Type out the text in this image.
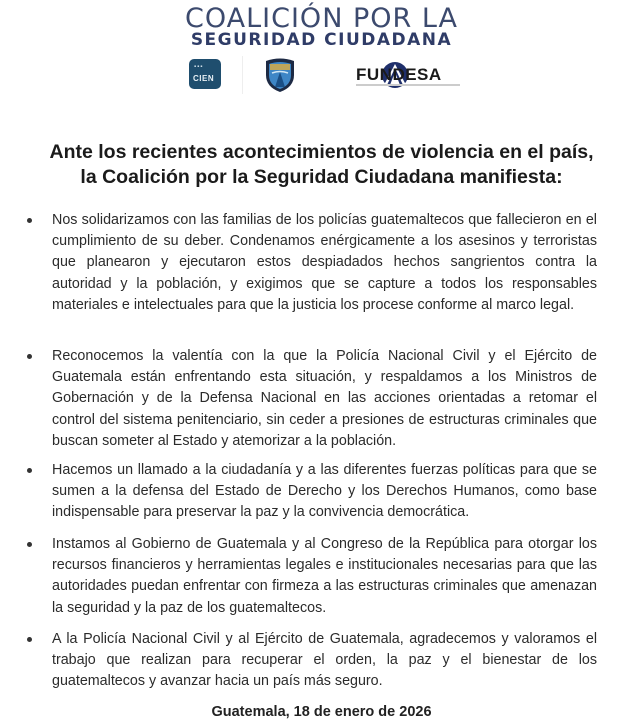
COALICIÓN POR LA
SEGURIDAD CIUDADANA
▪▪▪
CIEN	FUNDESA
Ante los recientes acontecimientos de violencia en el país,
la Coalición por la Seguridad Ciudadana manifiesta:
Nos solidarizamos con las familias de los policías guatemaltecos que fallecieron en el cumplimiento de su deber. Condenamos enérgicamente a los asesinos y terroristas que planearon y ejecutaron estos despiadados hechos sangrientos contra la autoridad y la población, y exigimos que se capture a todos los responsables materiales e intelectuales para que la justicia los procese conforme al marco legal.
Reconocemos la valentía con la que la Policía Nacional Civil y el Ejército de Guatemala están enfrentando esta situación, y respaldamos a los Ministros de Gobernación y de la Defensa Nacional en las acciones orientadas a retomar el control del sistema penitenciario, sin ceder a presiones de estructuras criminales que buscan someter al Estado y atemorizar a la población.
Hacemos un llamado a la ciudadanía y a las diferentes fuerzas políticas para que se sumen a la defensa del Estado de Derecho y los Derechos Humanos, como base indispensable para preservar la paz y la convivencia democrática.
Instamos al Gobierno de Guatemala y al Congreso de la República para otorgar los recursos financieros y herramientas legales e institucionales necesarias para que las autoridades puedan enfrentar con firmeza a las estructuras criminales que amenazan la seguridad y la paz de los guatemaltecos.
A la Policía Nacional Civil y al Ejército de Guatemala, agradecemos y valoramos el trabajo que realizan para recuperar el orden, la paz y el bienestar de los guatemaltecos y avanzar hacia un país más seguro.
Guatemala, 18 de enero de 2026
